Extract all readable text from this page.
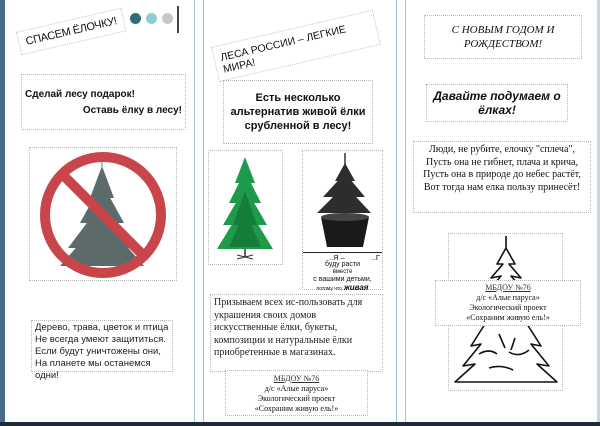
СПАСЕМ ЁЛОЧКУ!
Сделай лесу подарок!
Оставь ёлку в лесу!
Дерево, трава, цветок и птица
Не всегда умеют защититься.
Если будут уничтожены они,
На планете мы останемся одни!
ЛЕСА РОССИИ – ЛЕГКИЕ МИРА!
Есть несколько альтернатив живой ёлки срубленной в лесу!
..Я –	..Г
буду расти
вместе
с вашими детьми,
потому что живая
Призываем всех ис-пользовать для украшения своих домов искусственные ёлки, букеты, композиции и натуральные ёлки приобретенные в магазинах.
МБДОУ №76
д/с «Алые паруса»
Экологический проект
«Сохраним живую ель!»
С НОВЫМ ГОДОМ И РОЖДЕСТВОМ!
Давайте подумаем о ёлках!
Люди, не рубите, елочку "сплеча", Пусть она не гибнет, плача и крича, Пусть она в природе до небес растёт, Вот тогда нам елка пользу принесёт!
МБДОУ №76
д/с «Алые паруса»
Экологический проект
«Сохраним живую ель!»
